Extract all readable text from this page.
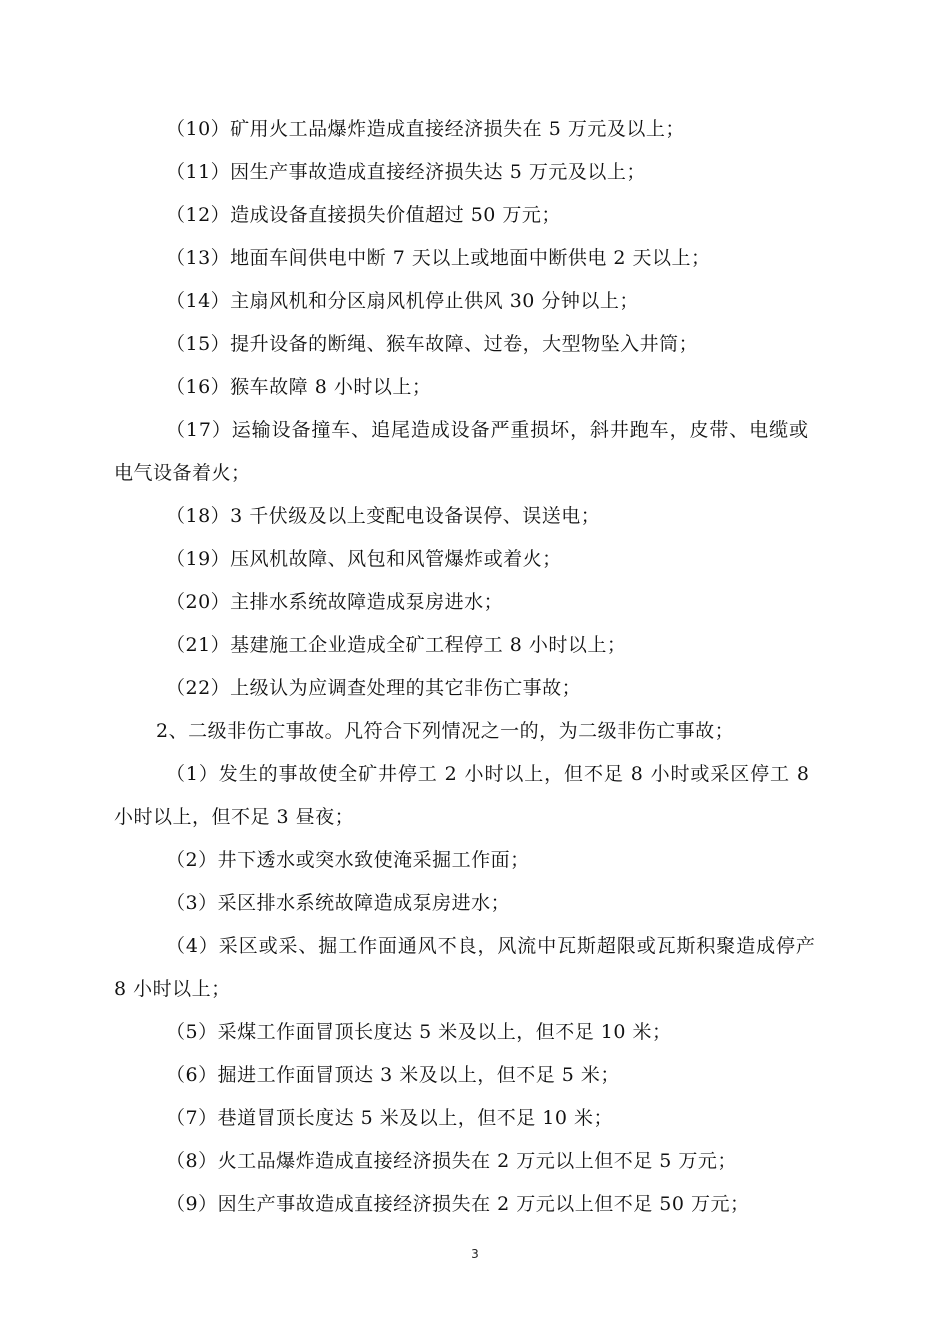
（10）矿用火工品爆炸造成直接经济损失在 5 万元及以上；
（11）因生产事故造成直接经济损失达 5 万元及以上；
（12）造成设备直接损失价值超过 50 万元；
（13）地面车间供电中断 7 天以上或地面中断供电 2 天以上；
（14）主扇风机和分区扇风机停止供风 30 分钟以上；
（15）提升设备的断绳、猴车故障、过卷，大型物坠入井筒；
（16）猴车故障 8 小时以上；
（17）运输设备撞车、追尾造成设备严重损坏，斜井跑车，皮带、电缆或
电气设备着火；
（18）3 千伏级及以上变配电设备误停、误送电；
（19）压风机故障、风包和风管爆炸或着火；
（20）主排水系统故障造成泵房进水；
（21）基建施工企业造成全矿工程停工 8 小时以上；
（22）上级认为应调查处理的其它非伤亡事故；
2、二级非伤亡事故。凡符合下列情况之一的，为二级非伤亡事故；
（1）发生的事故使全矿井停工 2 小时以上，但不足 8 小时或采区停工 8
小时以上，但不足 3 昼夜；
（2）井下透水或突水致使淹采掘工作面；
（3）采区排水系统故障造成泵房进水；
（4）采区或采、掘工作面通风不良，风流中瓦斯超限或瓦斯积聚造成停产
8 小时以上；
（5）采煤工作面冒顶长度达 5 米及以上，但不足 10 米；
（6）掘进工作面冒顶达 3 米及以上，但不足 5 米；
（7）巷道冒顶长度达 5 米及以上，但不足 10 米；
（8）火工品爆炸造成直接经济损失在 2 万元以上但不足 5 万元；
（9）因生产事故造成直接经济损失在 2 万元以上但不足 50 万元；
3
